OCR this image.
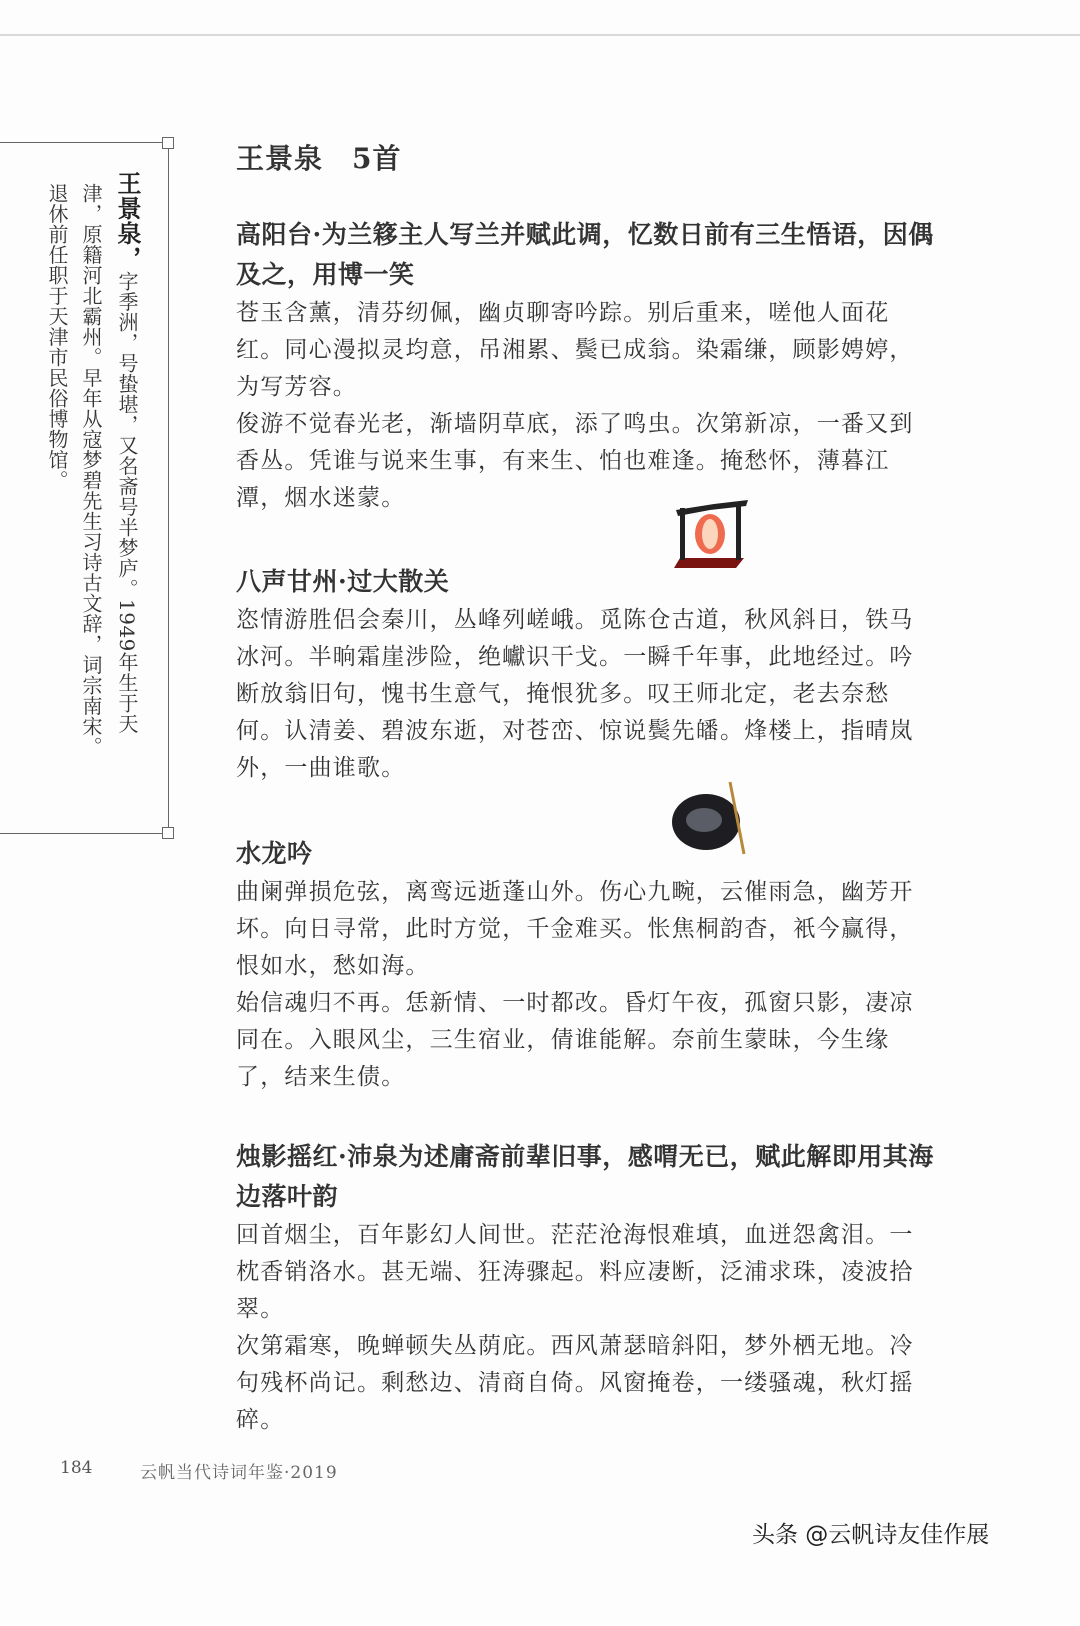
王景泉，字季洲，号蛰堪，又名斋号半梦庐。1949年生于天
津，原籍河北霸州。早年从寇梦碧先生习诗古文辞，词宗南宋。
退休前任职于天津市民俗博物馆。
王景泉　5首

高阳台·为兰簃主人写兰并赋此调，忆数日前有三生悟语，因偶及之，用博一笑

苍玉含薰，清芬纫佩，幽贞聊寄吟踪。别后重来，嗟他人面花红。同心漫拟灵均意，吊湘累、鬓已成翁。染霜缣，顾影娉婷，为写芳容。

俊游不觉春光老，渐墙阴草底，添了鸣虫。次第新凉，一番又到香丛。凭谁与说来生事，有来生、怕也难逢。掩愁怀，薄暮江潭，烟水迷蒙。

八声甘州·过大散关

恣情游胜侣会秦川，丛峰列嵯峨。觅陈仓古道，秋风斜日，铁马冰河。半晌霜崖涉险，绝巘识干戈。一瞬千年事，此地经过。吟断放翁旧句，愧书生意气，掩恨犹多。叹王师北定，老去奈愁何。认清姜、碧波东逝，对苍峦、惊说鬓先皤。烽楼上，指晴岚外，一曲谁歌。

水龙吟

曲阑弹损危弦，离鸾远逝蓬山外。伤心九畹，云催雨急，幽芳开坏。向日寻常，此时方觉，千金难买。怅焦桐韵杳，衹今赢得，恨如水，愁如海。

始信魂归不再。恁新情、一时都改。昏灯午夜，孤窗只影，凄凉同在。入眼风尘，三生宿业，倩谁能解。奈前生蒙昧，今生缘了，结来生债。

烛影摇红·沛泉为述庸斋前辈旧事，感喟无已，赋此解即用其海边落叶韵

回首烟尘，百年影幻人间世。茫茫沧海恨难填，血迸怨禽泪。一枕香销洛水。甚无端、狂涛骤起。料应凄断，泛浦求珠，凌波拾翠。

次第霜寒，晚蝉顿失丛荫庇。西风萧瑟暗斜阳，梦外栖无地。冷句残杯尚记。剩愁边、清商自倚。风窗掩卷，一缕骚魂，秋灯摇碎。

184	云帆当代诗词年鉴·2019
头条 @云帆诗友佳作展
